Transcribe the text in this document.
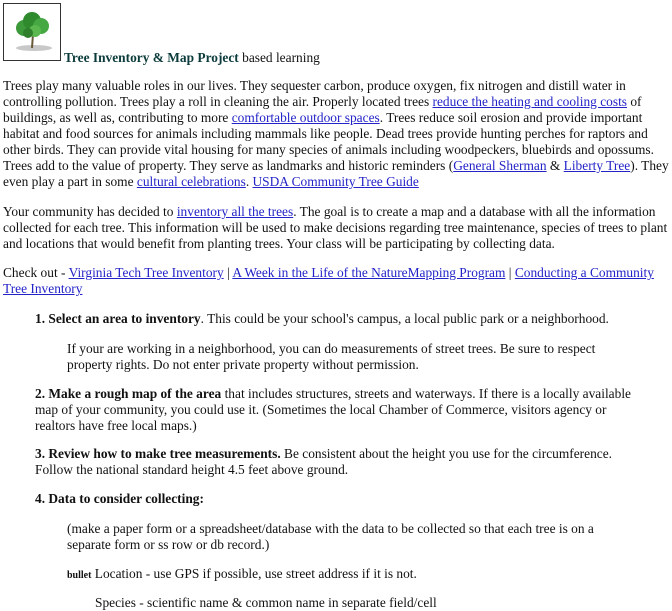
Tree Inventory & Map Project based learning

Trees play many valuable roles in our lives. They sequester carbon, produce oxygen, fix nitrogen and distill water in controlling pollution. Trees play a roll in cleaning the air. Properly located trees reduce the heating and cooling costs of buildings, as well as, contributing to more comfortable outdoor spaces. Trees reduce soil erosion and provide important habitat and food sources for animals including mammals like people. Dead trees provide hunting perches for raptors and other birds. They can provide vital housing for many species of animals including woodpeckers, bluebirds and opossums. Trees add to the value of property. They serve as landmarks and historic reminders (General Sherman & Liberty Tree). They even play a part in some cultural celebrations. USDA Community Tree Guide

Your community has decided to inventory all the trees. The goal is to create a map and a database with all the information collected for each tree. This information will be used to make decisions regarding tree maintenance, species of trees to plant and locations that would benefit from planting trees. Your class will be participating by collecting data.

Check out - Virginia Tech Tree Inventory | A Week in the Life of the NatureMapping Program | Conducting a Community Tree Inventory

1. Select an area to inventory. This could be your school's campus, a local public park or a neighborhood.

If your are working in a neighborhood, you can do measurements of street trees. Be sure to respect property rights. Do not enter private property without permission.

2. Make a rough map of the area that includes structures, streets and waterways. If there is a locally available map of your community, you could use it. (Sometimes the local Chamber of Commerce, visitors agency or realtors have free local maps.)

3. Review how to make tree measurements. Be consistent about the height you use for the circumference. Follow the national standard height 4.5 feet above ground.

4. Data to consider collecting:

(make a paper form or a spreadsheet/database with the data to be collected so that each tree is on a separate form or ss row or db record.)

bullet Location - use GPS if possible, use street address if it is not.

Species - scientific name & common name in separate field/cell
